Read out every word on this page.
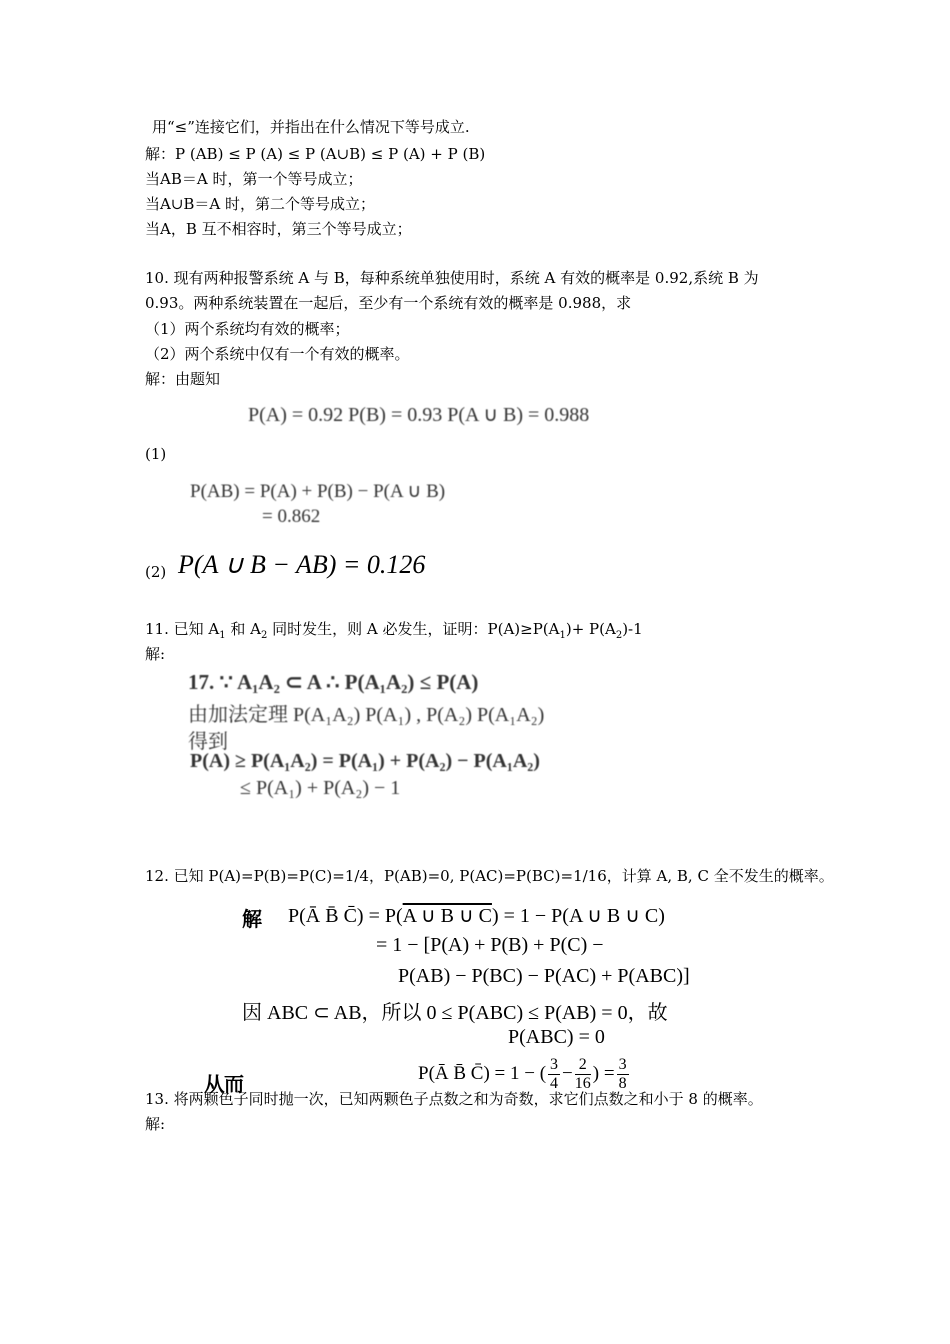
用“≤”连接它们，并指出在什么情况下等号成立.
解：P (AB) ≤ P (A) ≤ P (A∪B) ≤ P (A) + P (B)
当AB＝A 时，第一个等号成立；
当A∪B＝A 时，第二个等号成立；
当A，B 互不相容时，第三个等号成立；
10. 现有两种报警系统 A 与 B，每种系统单独使用时，系统 A 有效的概率是 0.92,系统 B 为
0.93。两种系统装置在一起后，至少有一个系统有效的概率是 0.988，求
（1）两个系统均有效的概率；
（2）两个系统中仅有一个有效的概率。
解：由题知
P(A) = 0.92 P(B) = 0.93 P(A ∪ B) = 0.988
(1)
P(AB) = P(A) + P(B) − P(A ∪ B)
= 0.862
(2) P(A ∪ B − AB) = 0.126
11. 已知 $A_1$ 和 $A_2$ 同时发生，则 A 必发生，证明：$P(A)\ge P(A_1)+ P(A_2)-1$
解:
17. ∵ A₁A₂ ⊂ A ∴ P(A₁A₂) ≤ P(A)
由加法定理 P(A₁A₂) P(A₁) , P(A₂) P(A₁A₂)
得到
P(A) ≥ P(A₁A₂) = P(A₁) + P(A₂) − P(A₁A₂)
≤ P(A₁) + P(A₂) − 1
12. 已知 P(A)=P(B)=P(C)=1/4，P(AB)=0, P(AC)=P(BC)=1/16，计算 A, B, C 全不发生的概率。
解 P(Ā B̄ C̄) = P(A ∪ B ∪ C) = 1 − P(A ∪ B ∪ C)
= 1 − [P(A) + P(B) + P(C) −
P(AB) − P(BC) − P(AC) + P(ABC)]
因 ABC ⊂ AB，所以 0 ≤ P(ABC) ≤ P(AB) = 0，故
P(ABC) = 0
从而	P(Ā B̄ C̄) = 1 − ( $\frac{3}{4} - \frac{2}{16}$ ) = $\frac{3}{8}$
13. 将两颗色子同时抛一次，已知两颗色子点数之和为奇数，求它们点数之和小于 8 的概率。
解:
